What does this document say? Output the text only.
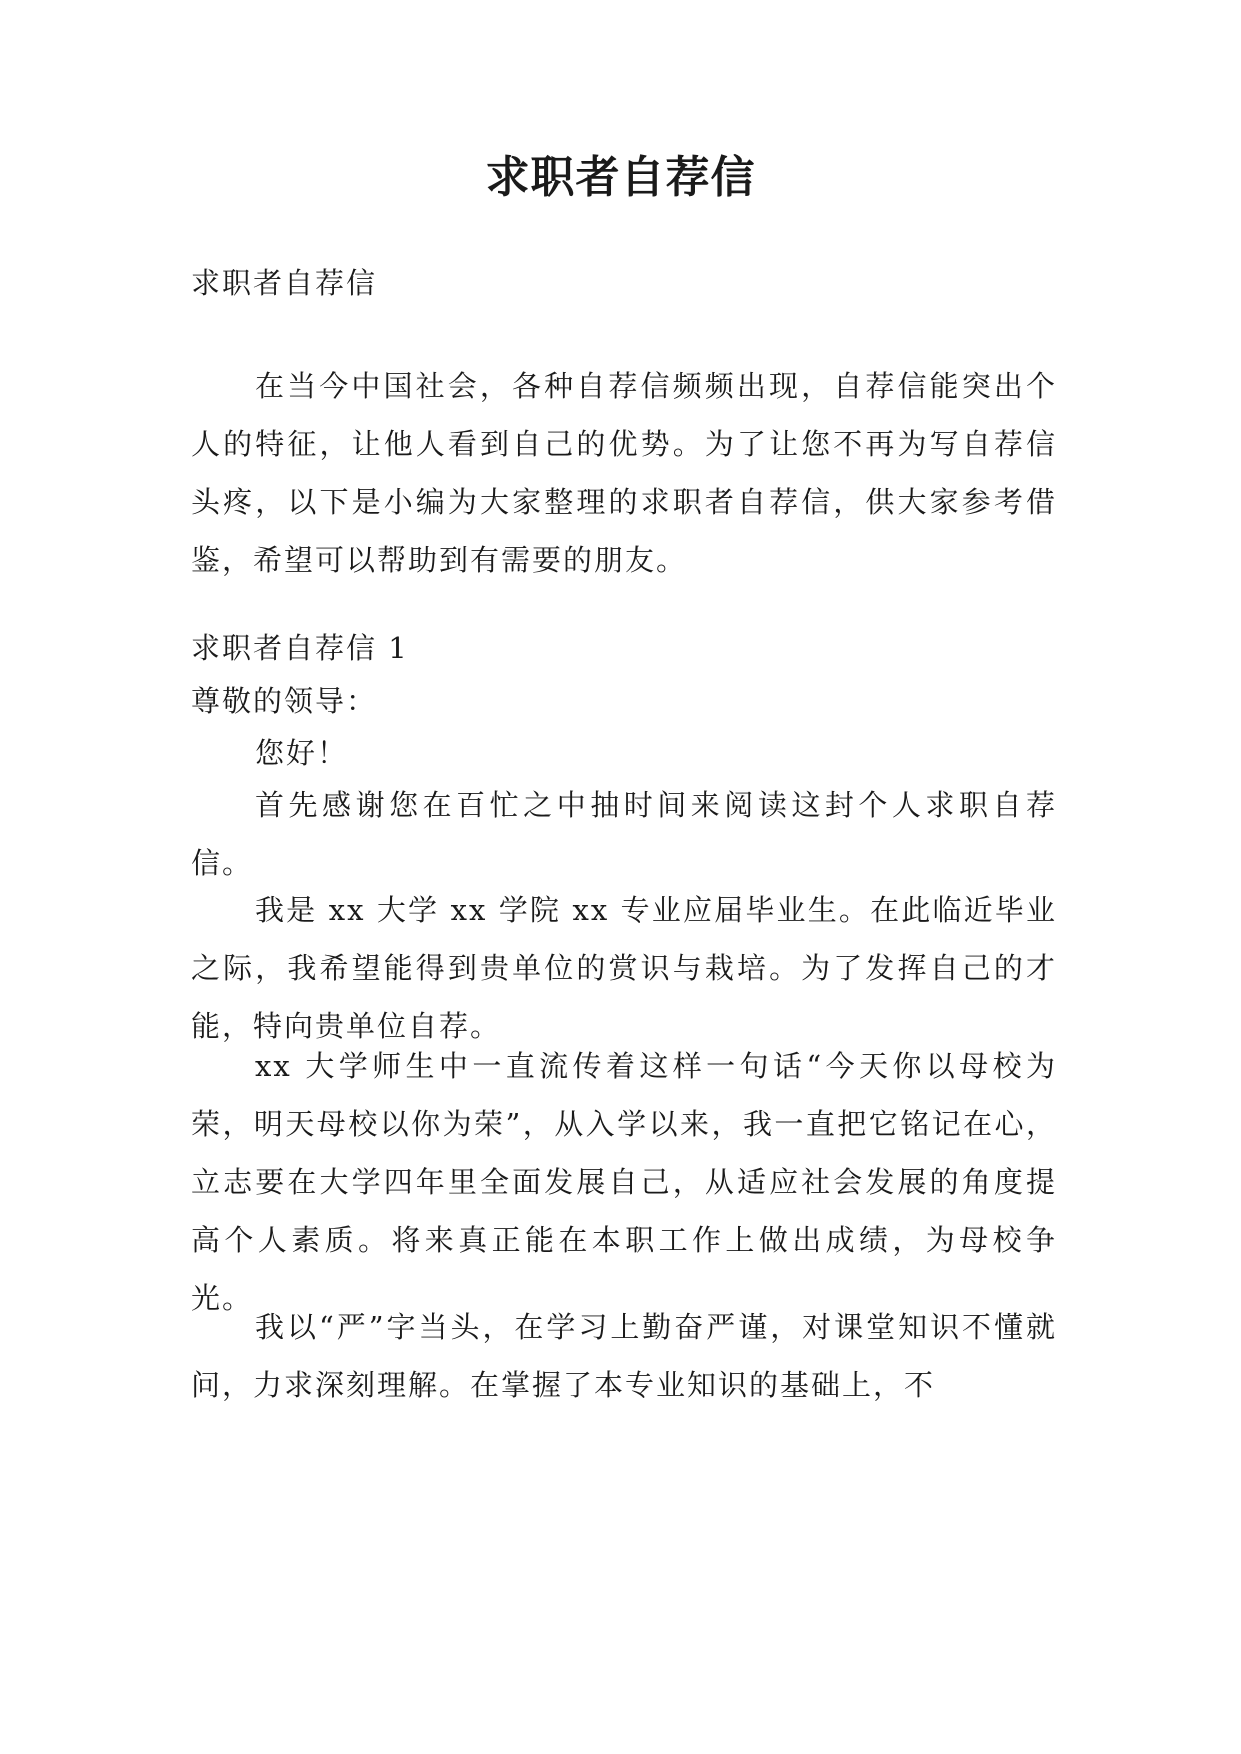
求职者自荐信

求职者自荐信

在当今中国社会，各种自荐信频频出现，自荐信能突出个人的特征，让他人看到自己的优势。为了让您不再为写自荐信头疼，以下是小编为大家整理的求职者自荐信，供大家参考借鉴，希望可以帮助到有需要的朋友。

求职者自荐信 1

尊敬的领导：

您好！

首先感谢您在百忙之中抽时间来阅读这封个人求职自荐信。

我是 xx 大学 xx 学院 xx 专业应届毕业生。在此临近毕业之际，我希望能得到贵单位的赏识与栽培。为了发挥自己的才能，特向贵单位自荐。

xx 大学师生中一直流传着这样一句话“今天你以母校为荣，明天母校以你为荣”，从入学以来，我一直把它铭记在心，立志要在大学四年里全面发展自己，从适应社会发展的角度提高个人素质。将来真正能在本职工作上做出成绩，为母校争光。

我以“严”字当头，在学习上勤奋严谨，对课堂知识不懂就问，力求深刻理解。在掌握了本专业知识的基础上，不
